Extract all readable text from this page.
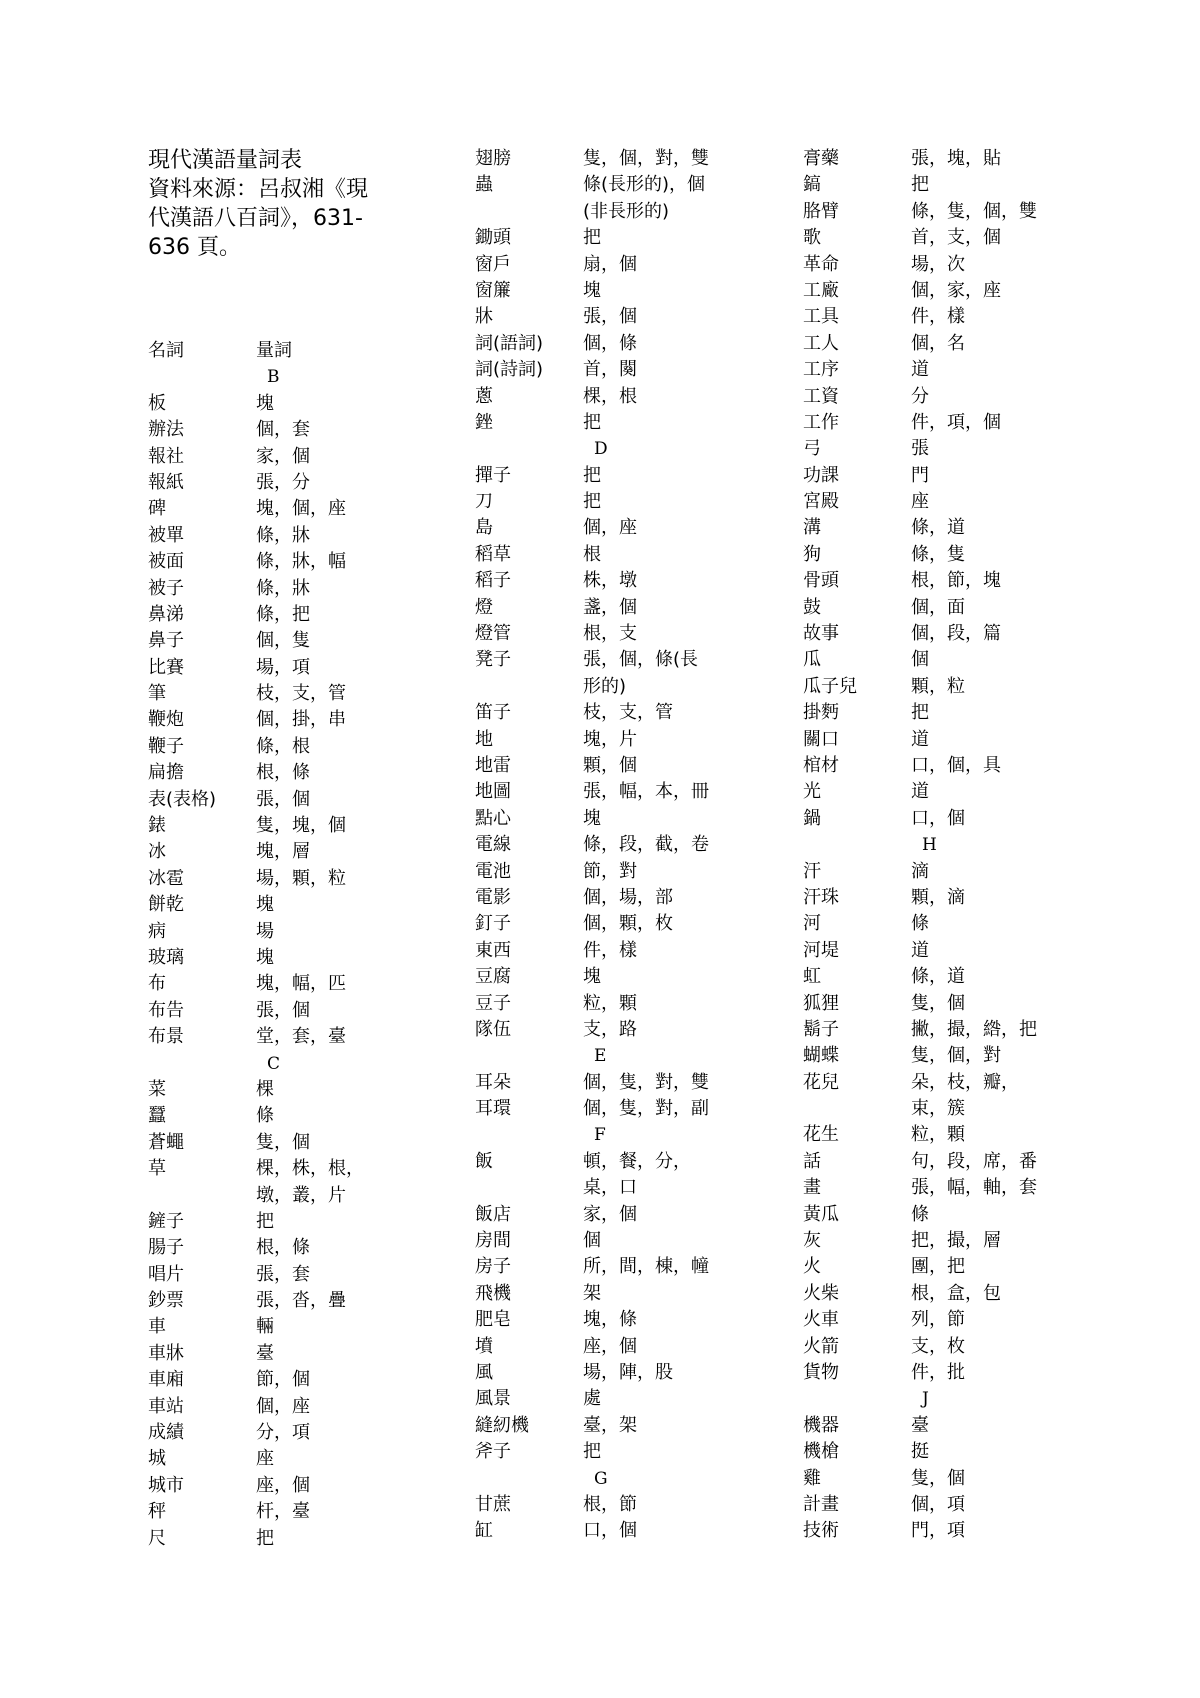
現代漢語量詞表
資料來源：呂叔湘《現
代漢語八百詞》，631-
636 頁。
名詞	量詞
B
板	塊
辦法	個，套
報社	家，個
報紙	張，分
碑	塊，個，座
被單	條，牀
被面	條，牀，幅
被子	條，牀
鼻涕	條，把
鼻子	個，隻
比賽	場，項
筆	枝，支，管
鞭炮	個，掛，串
鞭子	條，根
扁擔	根，條
表(表格)	張，個
錶	隻，塊，個
冰	塊，層
冰雹	場，顆，粒
餅乾	塊
病	場
玻璃	塊
布	塊，幅，匹
布告	張，個
布景	堂，套，臺
C
菜	棵
蠶	條
蒼蠅	隻，個
草	棵，株，根，
墩，叢，片
鏟子	把
腸子	根，條
唱片	張，套
鈔票	張，沓，疊
車	輛
車牀	臺
車廂	節，個
車站	個，座
成績	分，項
城	座
城市	座，個
秤	杆，臺
尺	把
翅膀	隻，個，對，雙
蟲	條(長形的)，個
(非長形的)
鋤頭	把
窗戶	扇，個
窗簾	塊
牀	張，個
詞(語詞)	個，條
詞(詩詞)	首，闋
蔥	棵，根
銼	把
D
撣子	把
刀	把
島	個，座
稻草	根
稻子	株，墩
燈	盞，個
燈管	根，支
凳子	張，個，條(長
形的)
笛子	枝，支，管
地	塊，片
地雷	顆，個
地圖	張，幅，本，冊
點心	塊
電線	條，段，截，卷
電池	節，對
電影	個，場，部
釘子	個，顆，枚
東西	件，樣
豆腐	塊
豆子	粒，顆
隊伍	支，路
E
耳朵	個，隻，對，雙
耳環	個，隻，對，副
F
飯	頓，餐，分，
桌，口
飯店	家，個
房間	個
房子	所，間，棟，幢
飛機	架
肥皂	塊，條
墳	座，個
風	場，陣，股
風景	處
縫紉機	臺，架
斧子	把
G
甘蔗	根，節
缸	口，個
膏藥	張，塊，貼
鎬	把
胳臂	條，隻，個，雙
歌	首，支，個
革命	場，次
工廠	個，家，座
工具	件，樣
工人	個，名
工序	道
工資	分
工作	件，項，個
弓	張
功課	門
宮殿	座
溝	條，道
狗	條，隻
骨頭	根，節，塊
鼓	個，面
故事	個，段，篇
瓜	個
瓜子兒	顆，粒
掛麪	把
關口	道
棺材	口，個，具
光	道
鍋	口，個
H
汗	滴
汗珠	顆，滴
河	條
河堤	道
虹	條，道
狐狸	隻，個
鬍子	撇，撮，綹，把
蝴蝶	隻，個，對
花兒	朵，枝，瓣，
束，簇
花生	粒，顆
話	句，段，席，番
畫	張，幅，軸，套
黃瓜	條
灰	把，撮，層
火	團，把
火柴	根，盒，包
火車	列，節
火箭	支，枚
貨物	件，批
J
機器	臺
機槍	挺
雞	隻，個
計畫	個，項
技術	門，項
